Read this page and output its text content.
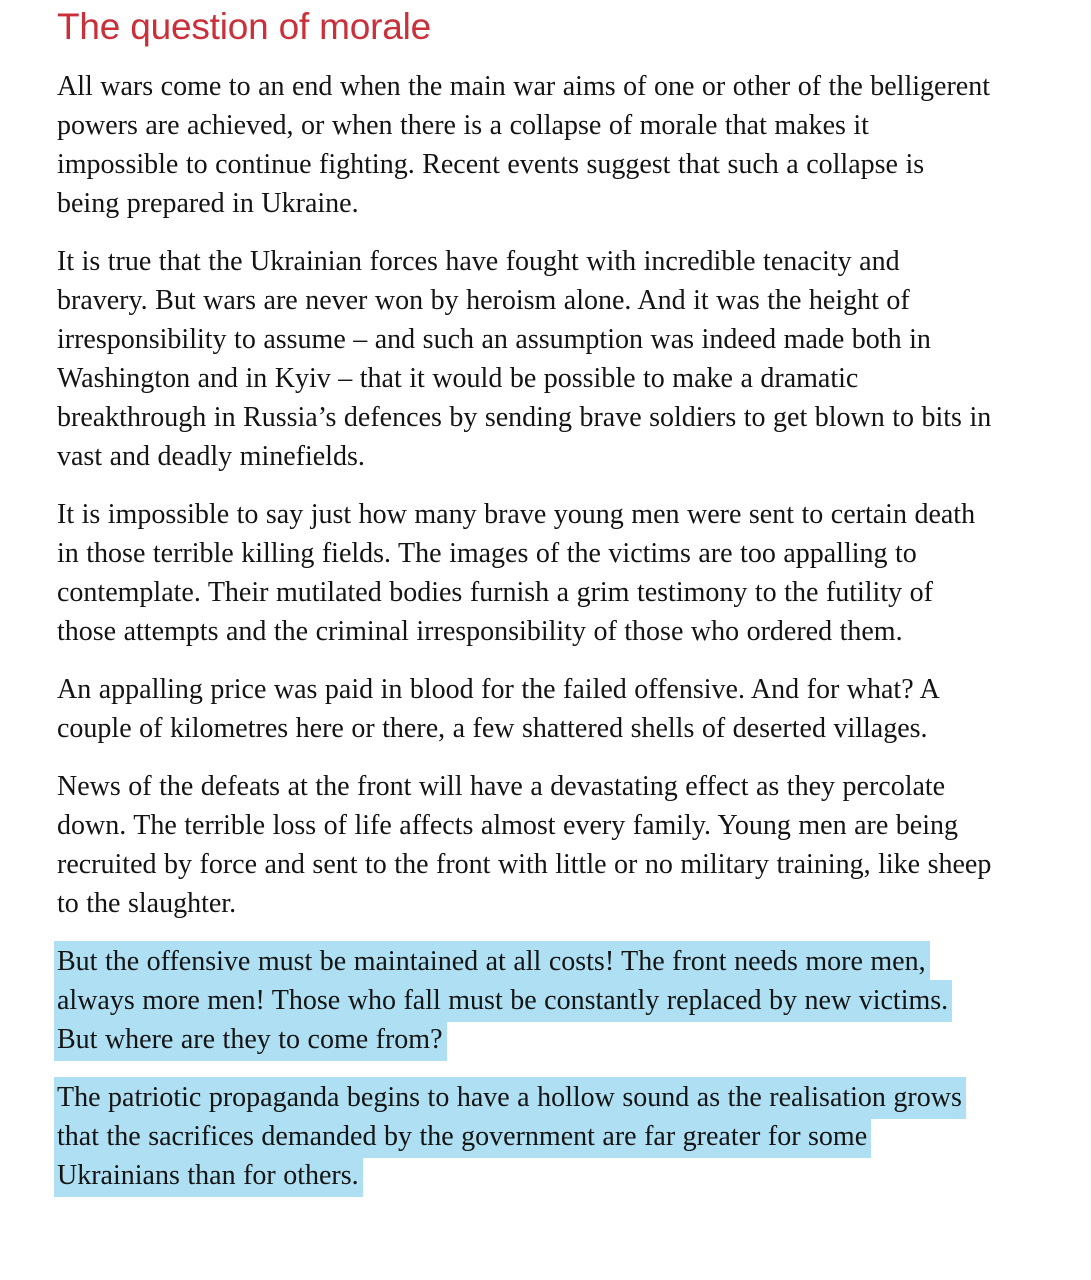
The question of morale

All wars come to an end when the main war aims of one or other of the belligerent powers are achieved, or when there is a collapse of morale that makes it impossible to continue fighting. Recent events suggest that such a collapse is being prepared in Ukraine.

It is true that the Ukrainian forces have fought with incredible tenacity and bravery. But wars are never won by heroism alone. And it was the height of irresponsibility to assume – and such an assumption was indeed made both in Washington and in Kyiv – that it would be possible to make a dramatic breakthrough in Russia’s defences by sending brave soldiers to get blown to bits in vast and deadly minefields.

It is impossible to say just how many brave young men were sent to certain death in those terrible killing fields. The images of the victims are too appalling to contemplate. Their mutilated bodies furnish a grim testimony to the futility of those attempts and the criminal irresponsibility of those who ordered them.

An appalling price was paid in blood for the failed offensive. And for what? A couple of kilometres here or there, a few shattered shells of deserted villages.

News of the defeats at the front will have a devastating effect as they percolate down. The terrible loss of life affects almost every family. Young men are being recruited by force and sent to the front with little or no military training, like sheep to the slaughter.

But the offensive must be maintained at all costs! The front needs more men, always more men! Those who fall must be constantly replaced by new victims. But where are they to come from?

The patriotic propaganda begins to have a hollow sound as the realisation grows that the sacrifices demanded by the government are far greater for some Ukrainians than for others.
